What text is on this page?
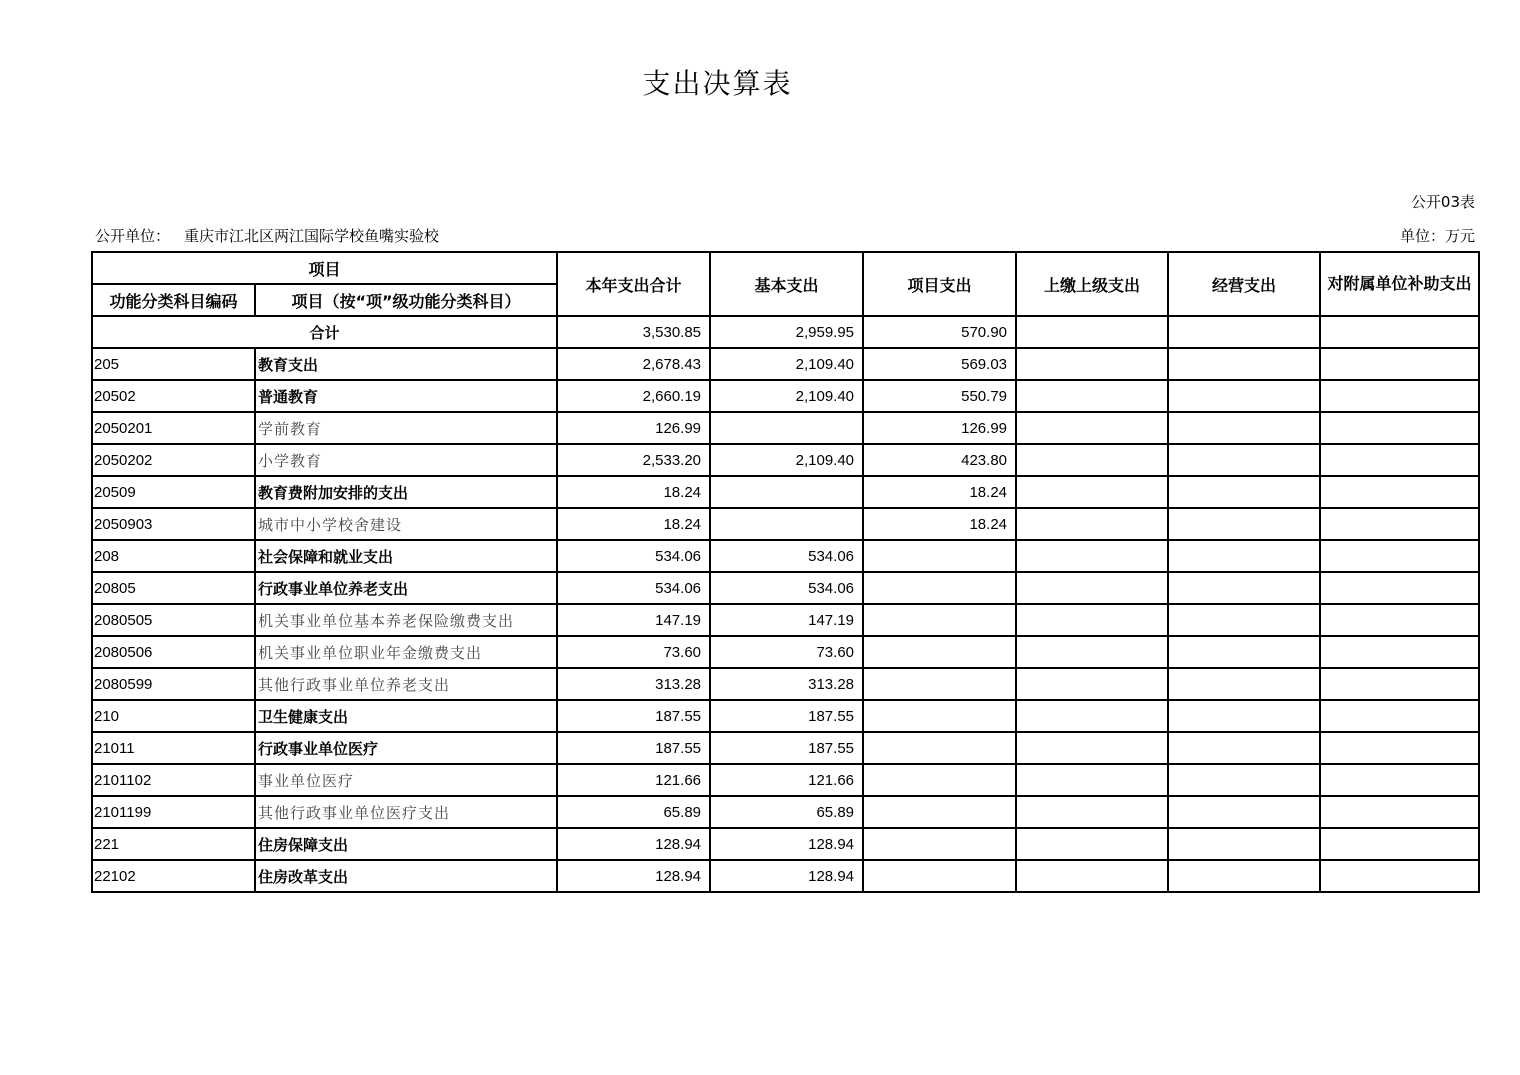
支出决算表
公开03表
公开单位： 重庆市江北区两江国际学校鱼嘴实验校	单位：万元
项目		本年支出合计	基本支出	项目支出	上缴上级支出	经营支出	对附属单位补助支出
功能分类科目编码	项目（按“项”级功能分类科目）						
合计		3,530.85	2,959.95	570.90			
205	教育支出	2,678.43	2,109.40	569.03			
20502	普通教育	2,660.19	2,109.40	550.79			
2050201	学前教育	126.99		126.99			
2050202	小学教育	2,533.20	2,109.40	423.80			
20509	教育费附加安排的支出	18.24		18.24			
2050903	城市中小学校舍建设	18.24		18.24			
208	社会保障和就业支出	534.06	534.06				
20805	行政事业单位养老支出	534.06	534.06				
2080505	机关事业单位基本养老保险缴费支出	147.19	147.19				
2080506	机关事业单位职业年金缴费支出	73.60	73.60				
2080599	其他行政事业单位养老支出	313.28	313.28				
210	卫生健康支出	187.55	187.55				
21011	行政事业单位医疗	187.55	187.55				
2101102	事业单位医疗	121.66	121.66				
2101199	其他行政事业单位医疗支出	65.89	65.89				
221	住房保障支出	128.94	128.94				
22102	住房改革支出	128.94	128.94				
